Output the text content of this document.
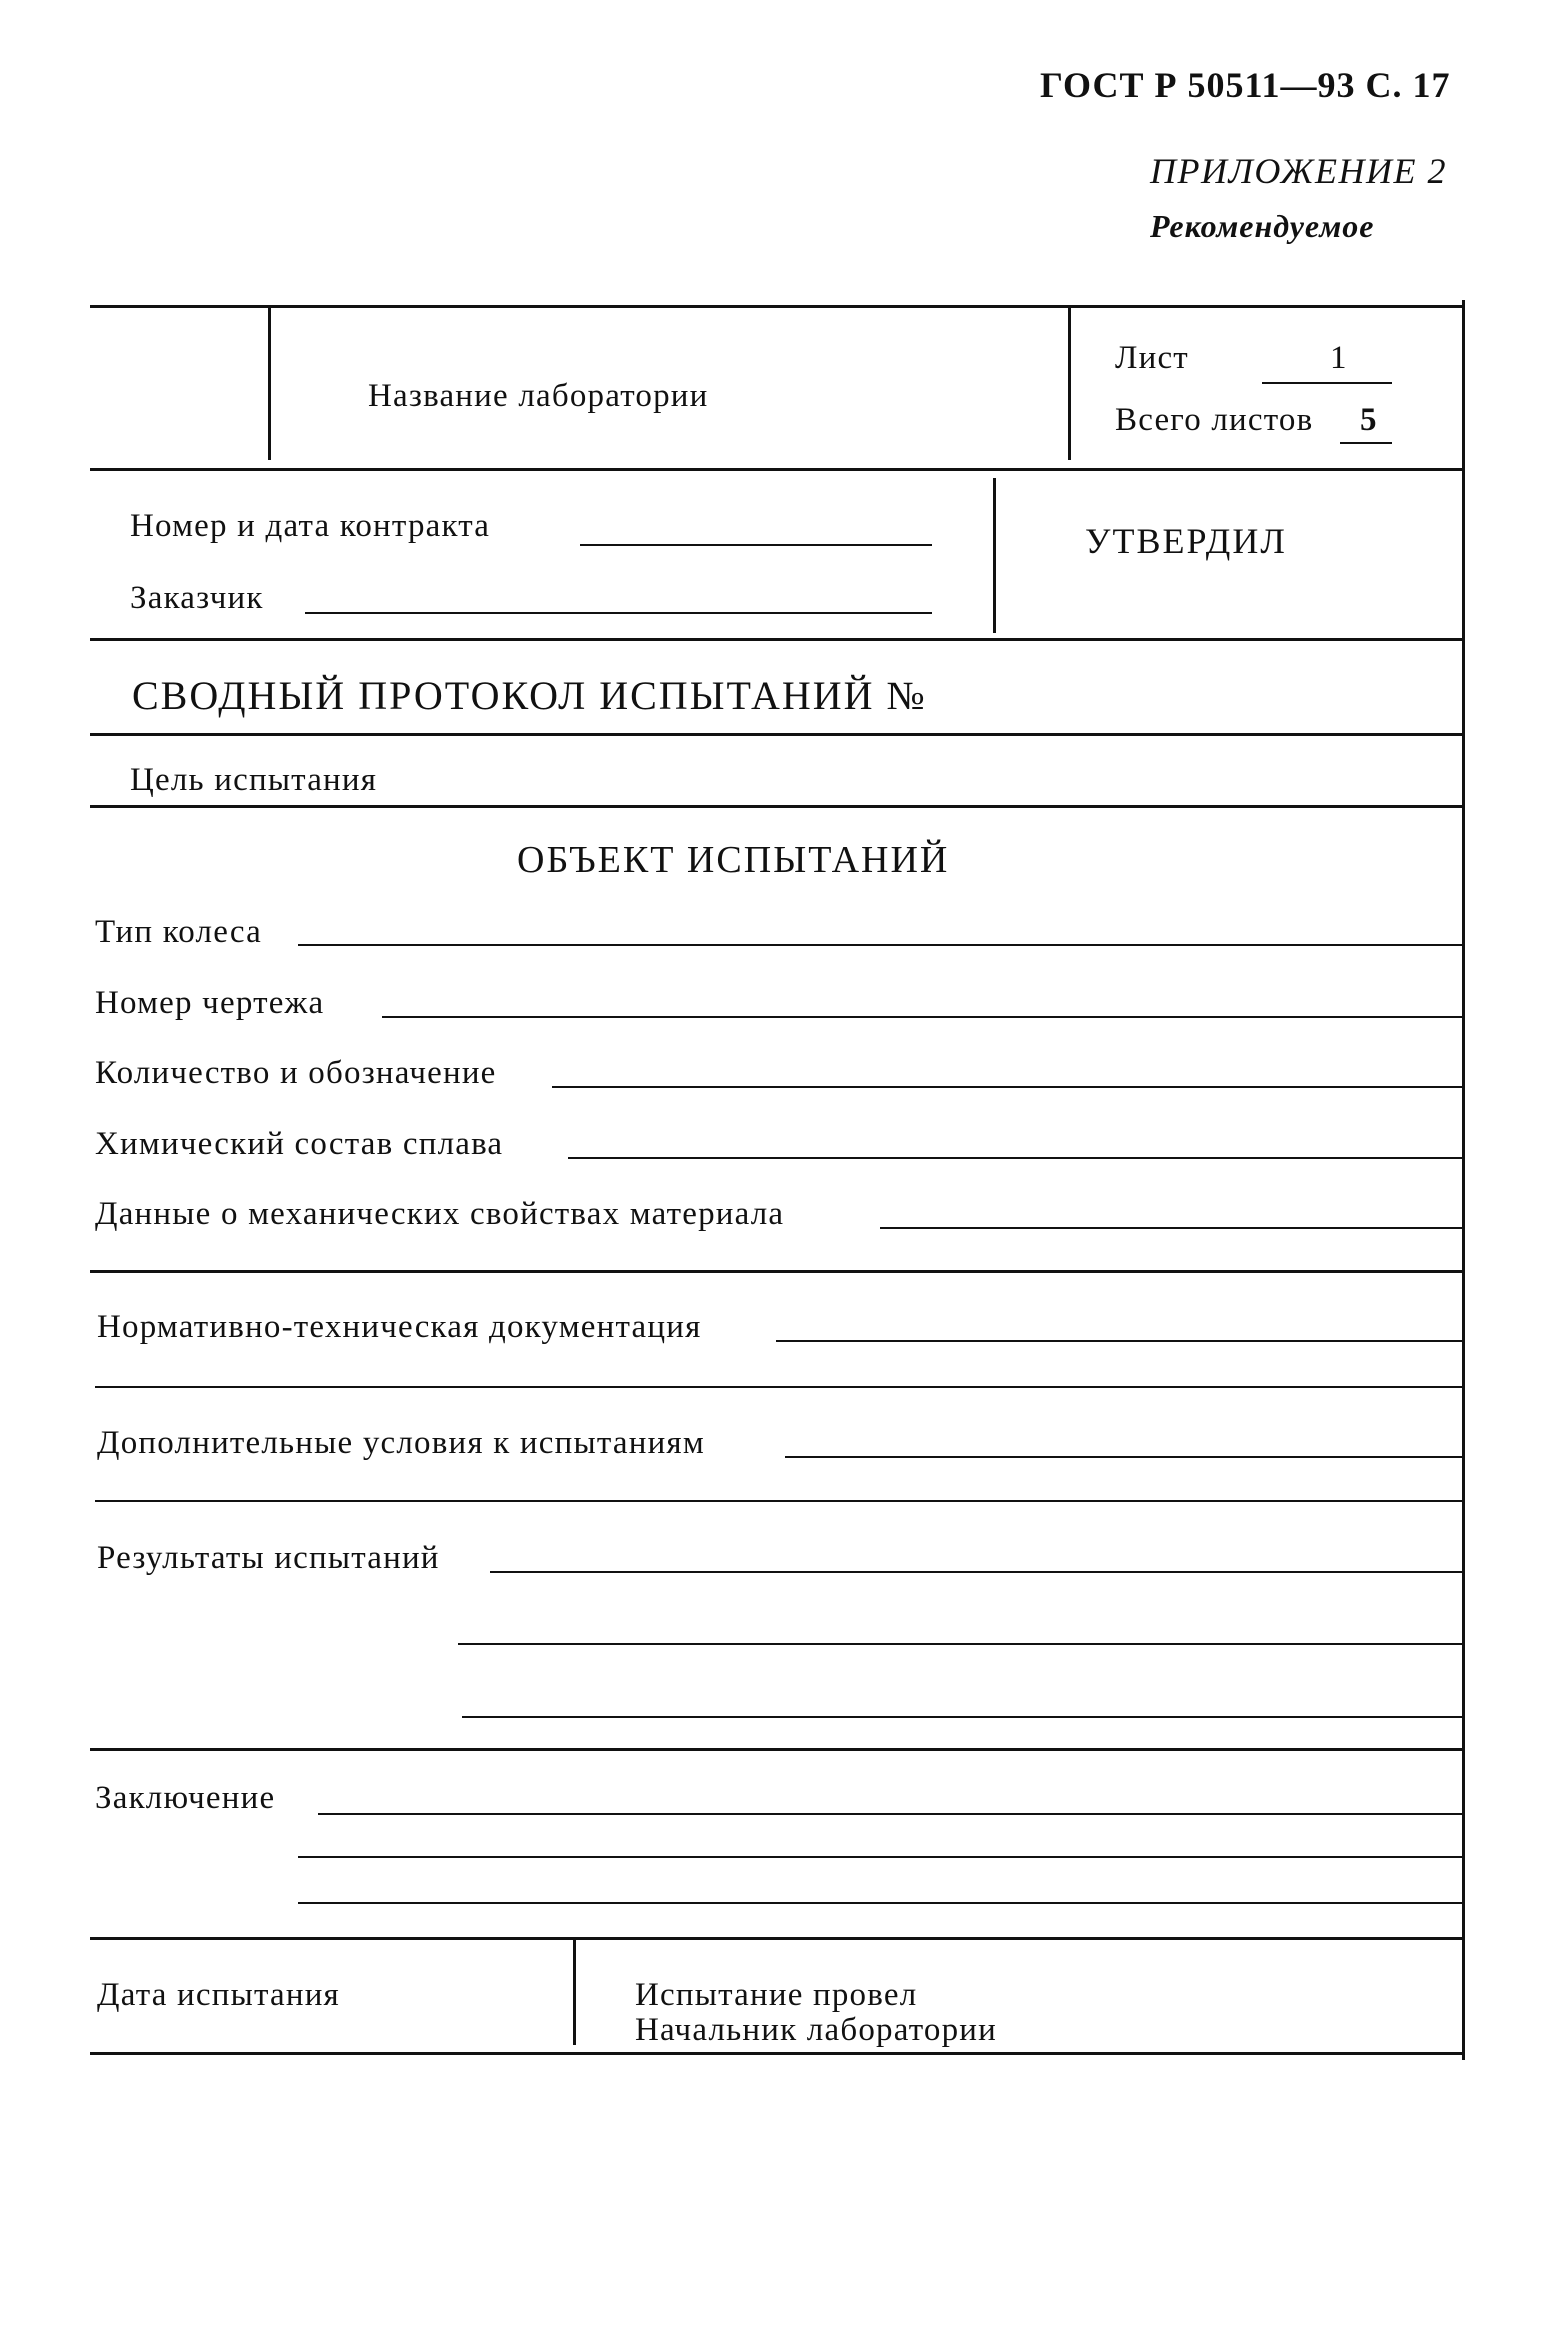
ГОСТ Р 50511—93 С. 17
ПРИЛОЖЕНИЕ 2
Рекомендуемое
Название лаборатории
Лист	1
Всего листов 5
Номер и дата контракта
Заказчик
УТВЕРДИЛ
СВОДНЫЙ ПРОТОКОЛ ИСПЫТАНИЙ №
Цель испытания
ОБЪЕКТ ИСПЫТАНИЙ
Тип колеса
Номер чертежа
Количество и обозначение
Химический состав сплава
Данные о механических свойствах материала
Нормативно-техническая документация
Дополнительные условия к испытаниям
Результаты испытаний
Заключение
Дата испытания	Испытание провел
Начальник лаборатории
